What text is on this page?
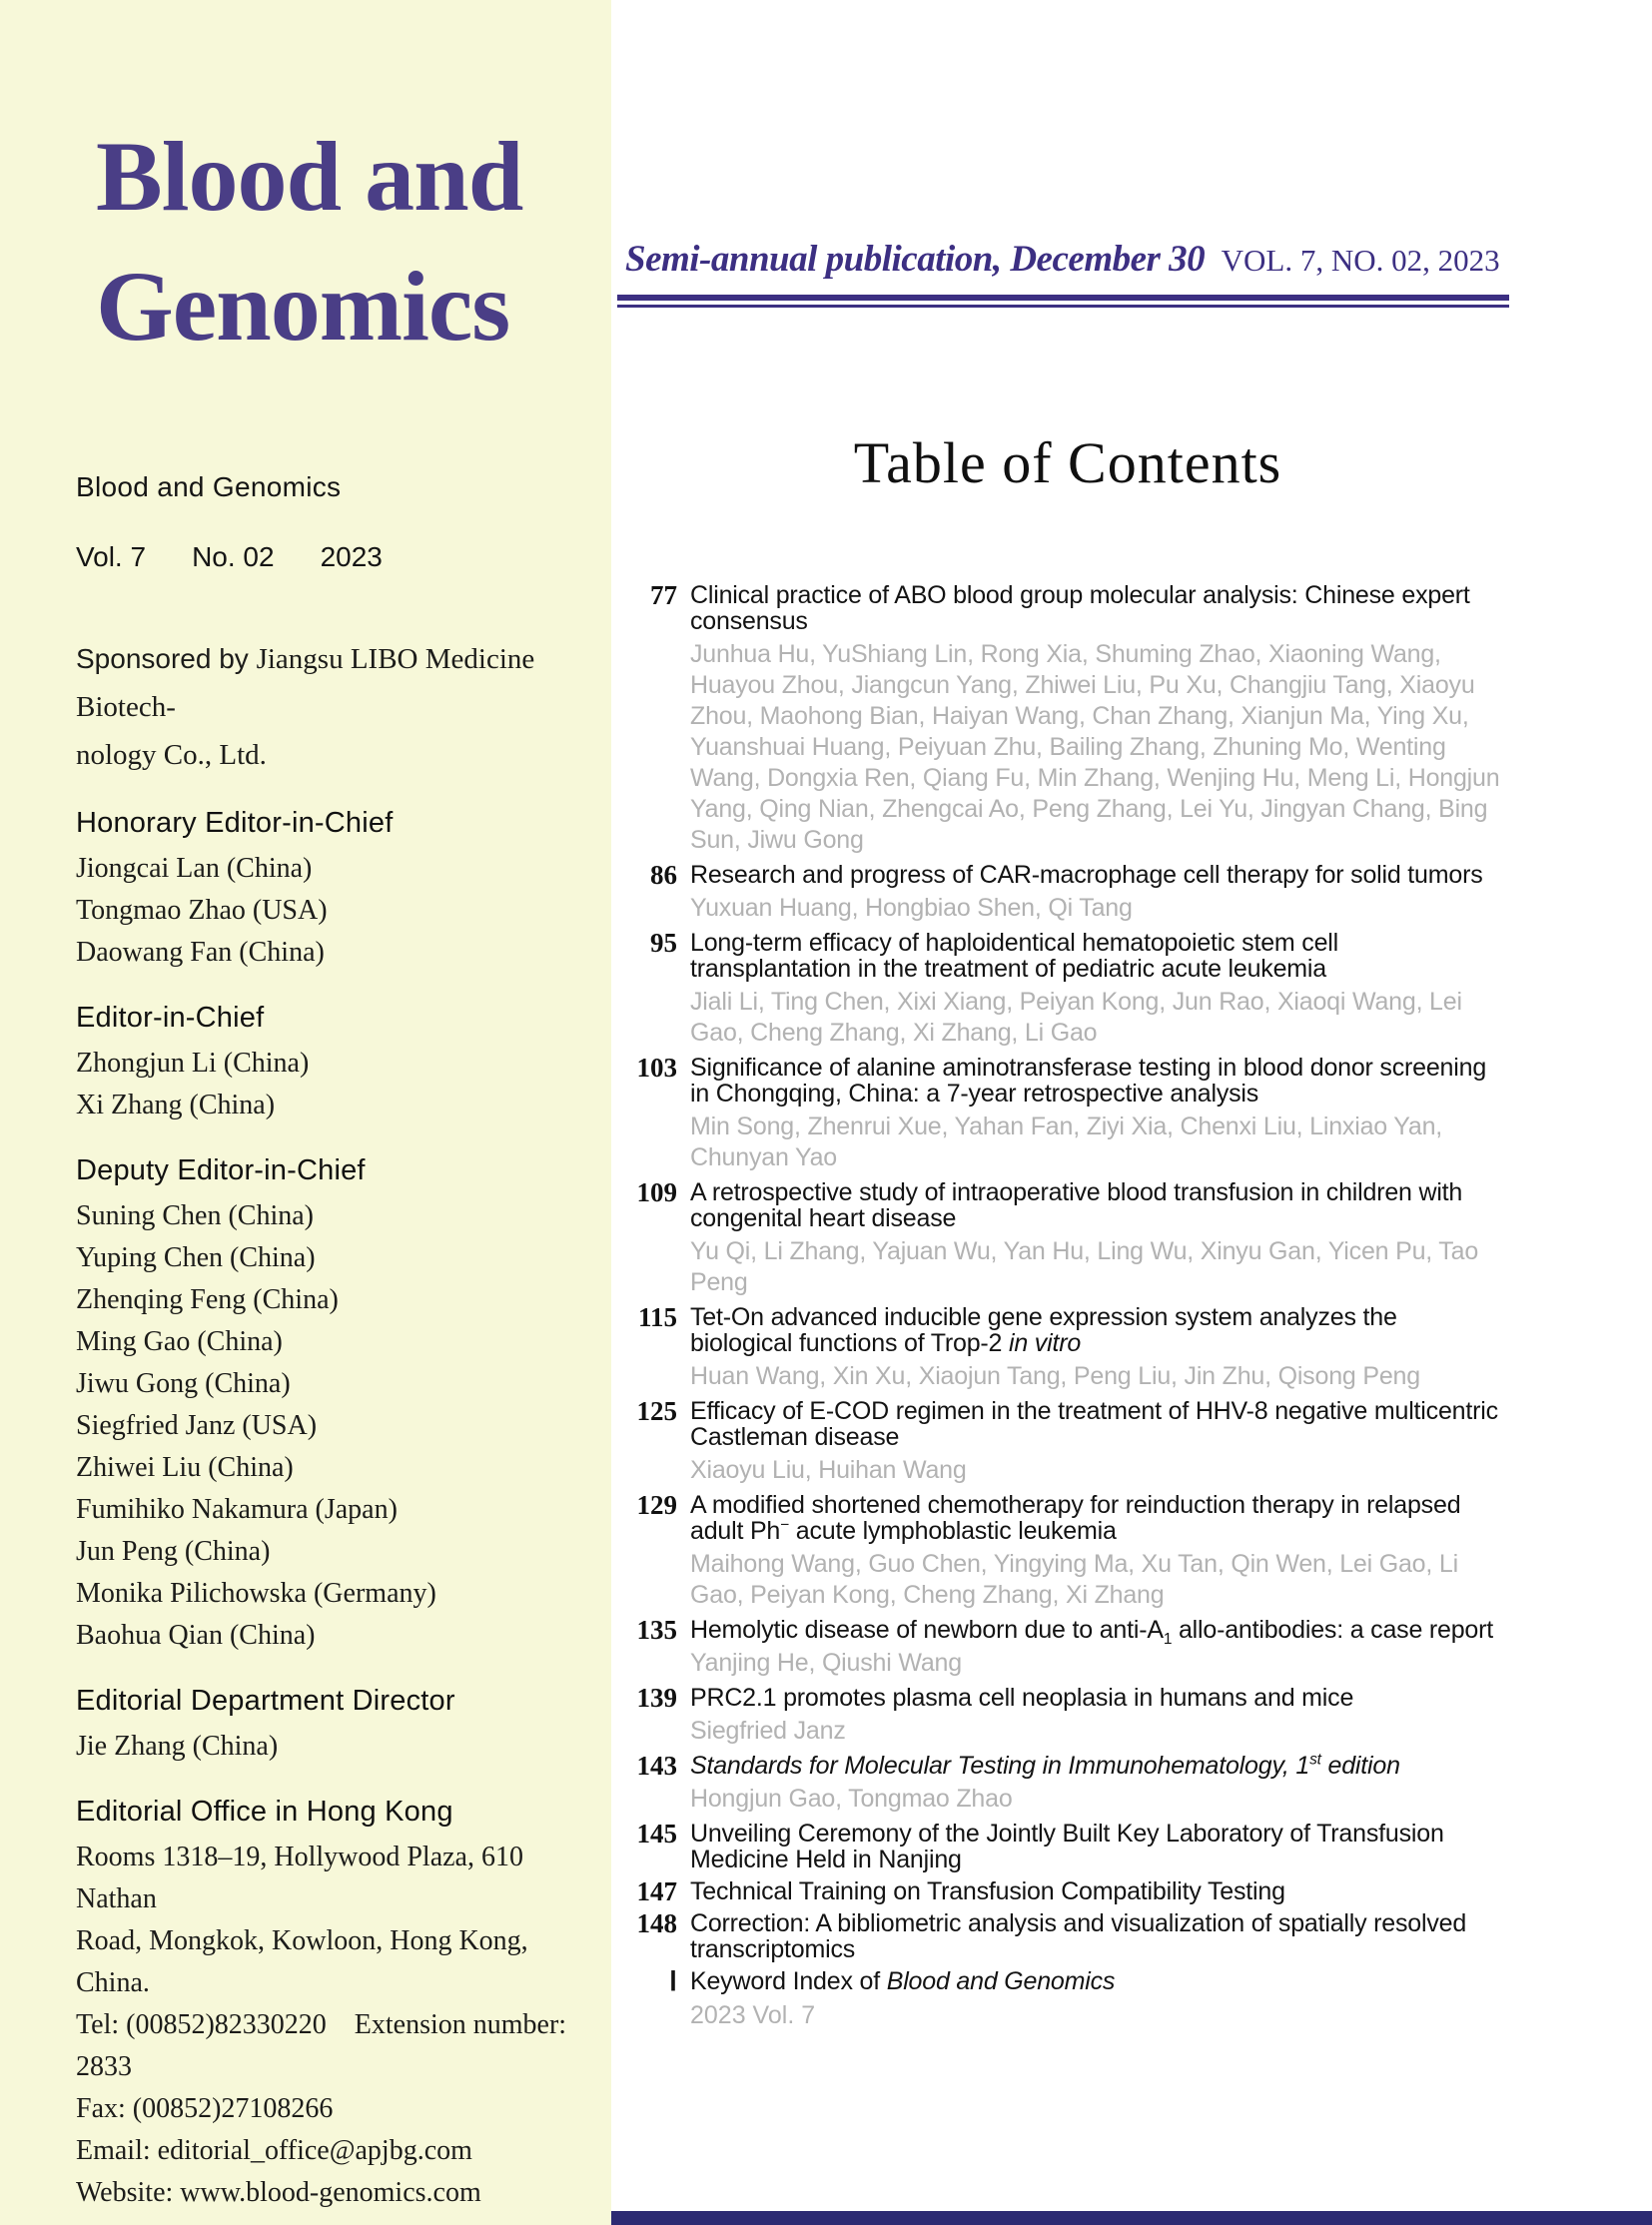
Blood and
Genomics
Blood and Genomics
Vol. 7 No. 02 2023
Sponsored by Jiangsu LIBO Medicine Biotech-
nology Co., Ltd.
Honorary Editor-in-Chief

Jiongcai Lan (China)

Tongmao Zhao (USA)

Daowang Fan (China)

Editor-in-Chief

Zhongjun Li (China)

Xi Zhang (China)

Deputy Editor-in-Chief

Suning Chen (China)

Yuping Chen (China)

Zhenqing Feng (China)

Ming Gao (China)

Jiwu Gong (China)

Siegfried Janz (USA)

Zhiwei Liu (China)

Fumihiko Nakamura (Japan)

Jun Peng (China)

Monika Pilichowska (Germany)

Baohua Qian (China)

Editorial Department Director

Jie Zhang (China)

Editorial Office in Hong Kong

Rooms 1318–19, Hollywood Plaza, 610 Nathan

Road, Mongkok, Kowloon, Hong Kong, China.

Tel: (00852)82330220    Extension number: 2833

Fax: (00852)27108266

Email: editorial_office@apjbg.com

Website: www.blood-genomics.com

Semi-annual publication, December 30 VOL. 7, NO. 02, 2023
Table of Contents
77 Clinical practice of ABO blood group molecular analysis: Chinese expert consensus
Junhua Hu, YuShiang Lin, Rong Xia, Shuming Zhao, Xiaoning Wang, Huayou Zhou, Jiangcun Yang, Zhiwei Liu, Pu Xu, Changjiu Tang, Xiaoyu Zhou, Maohong Bian, Haiyan Wang, Chan Zhang, Xianjun Ma, Ying Xu, Yuanshuai Huang, Peiyuan Zhu, Bailing Zhang, Zhuning Mo, Wenting Wang, Dongxia Ren, Qiang Fu, Min Zhang, Wenjing Hu, Meng Li, Hongjun Yang, Qing Nian, Zhengcai Ao, Peng Zhang, Lei Yu, Jingyan Chang, Bing Sun, Jiwu Gong
86 Research and progress of CAR-macrophage cell therapy for solid tumors
Yuxuan Huang, Hongbiao Shen, Qi Tang
95 Long-term efficacy of haploidentical hematopoietic stem cell transplantation in the treatment of pediatric acute leukemia
Jiali Li, Ting Chen, Xixi Xiang, Peiyan Kong, Jun Rao, Xiaoqi Wang, Lei Gao, Cheng Zhang, Xi Zhang, Li Gao
103 Significance of alanine aminotransferase testing in blood donor screening in Chongqing, China: a 7-year retrospective analysis
Min Song, Zhenrui Xue, Yahan Fan, Ziyi Xia, Chenxi Liu, Linxiao Yan, Chunyan Yao
109 A retrospective study of intraoperative blood transfusion in children with congenital heart disease
Yu Qi, Li Zhang, Yajuan Wu, Yan Hu, Ling Wu, Xinyu Gan, Yicen Pu, Tao Peng
115 Tet-On advanced inducible gene expression system analyzes the biological functions of Trop-2 in vitro
Huan Wang, Xin Xu, Xiaojun Tang, Peng Liu, Jin Zhu, Qisong Peng
125 Efficacy of E-COD regimen in the treatment of HHV-8 negative multicentric Castleman disease
Xiaoyu Liu, Huihan Wang
129 A modified shortened chemotherapy for reinduction therapy in relapsed adult Ph− acute lymphoblastic leukemia
Maihong Wang, Guo Chen, Yingying Ma, Xu Tan, Qin Wen, Lei Gao, Li Gao, Peiyan Kong, Cheng Zhang, Xi Zhang
135 Hemolytic disease of newborn due to anti-$A_1$ allo-antibodies: a case report
Yanjing He, Qiushi Wang
139 PRC2.1 promotes plasma cell neoplasia in humans and mice
Siegfried Janz
143 Standards for Molecular Testing in Immunohematology, 1st edition
Hongjun Gao, Tongmao Zhao
145 Unveiling Ceremony of the Jointly Built Key Laboratory of Transfusion Medicine Held in Nanjing
147 Technical Training on Transfusion Compatibility Testing
148 Correction: A bibliometric analysis and visualization of spatially resolved transcriptomics
Ⅰ Keyword Index of Blood and Genomics
2023 Vol. 7
